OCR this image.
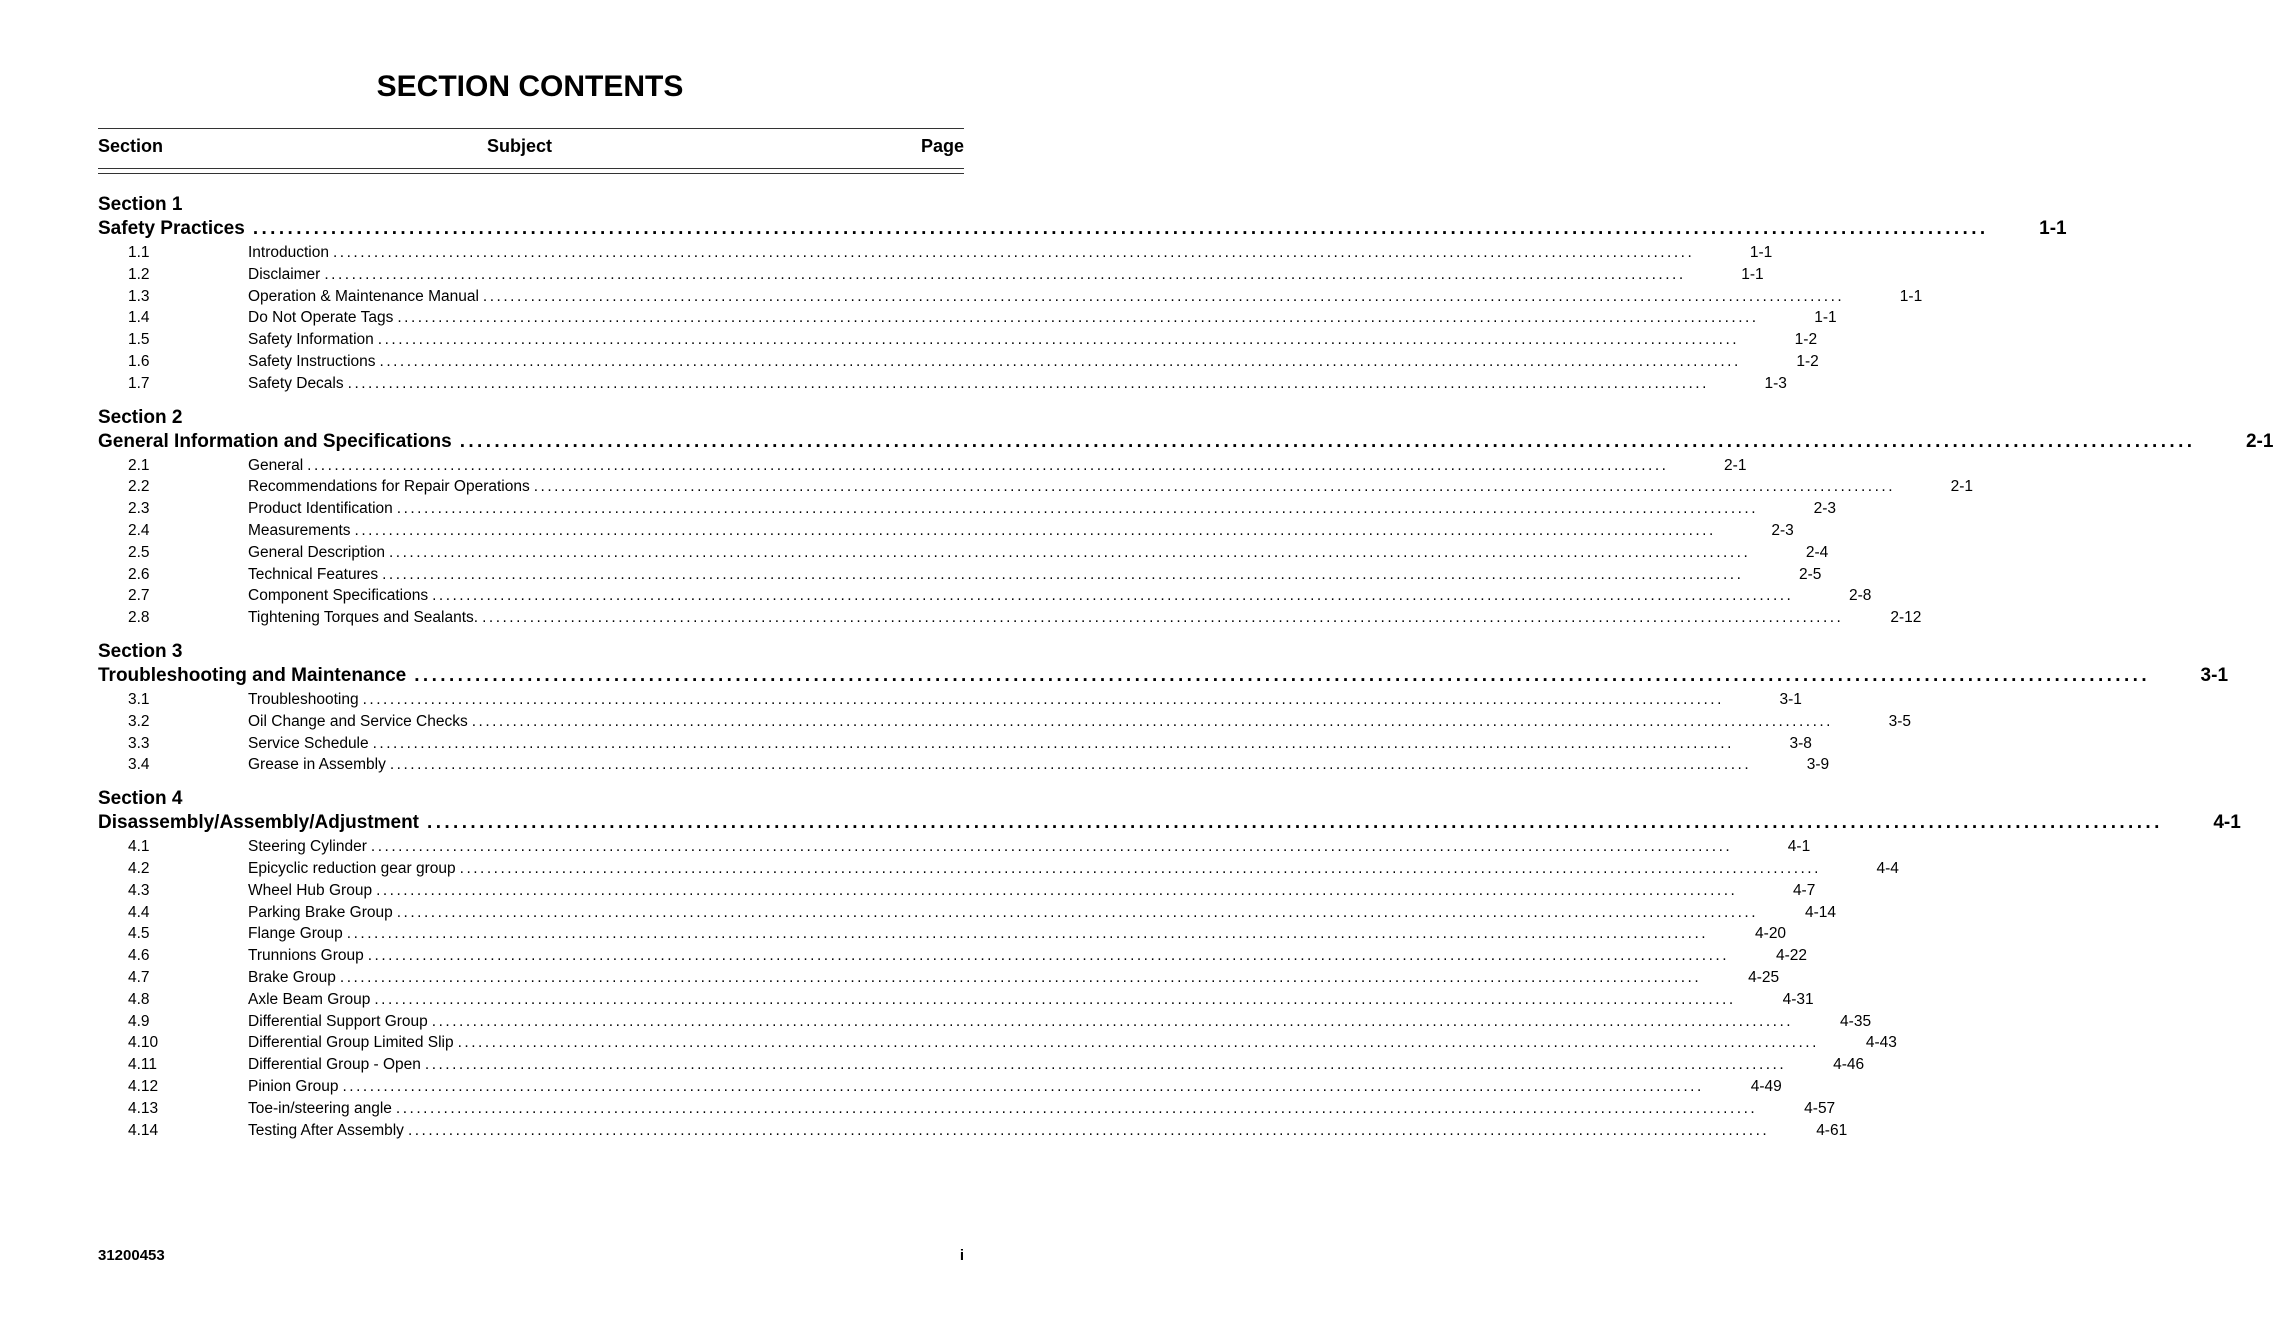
SECTION CONTENTS
Section	Subject	Page
Section 1
Safety Practices ........................................................................................................................................................................................................	1-1
1.1	Introduction ........................................................................................................................................................................................................	1-1
1.2	Disclaimer ........................................................................................................................................................................................................	1-1
1.3	Operation & Maintenance Manual ........................................................................................................................................................................................................	1-1
1.4	Do Not Operate Tags ........................................................................................................................................................................................................	1-1
1.5	Safety Information ........................................................................................................................................................................................................	1-2
1.6	Safety Instructions ........................................................................................................................................................................................................	1-2
1.7	Safety Decals ........................................................................................................................................................................................................	1-3
Section 2
General Information and Specifications ........................................................................................................................................................................................................	2-1
2.1	General ........................................................................................................................................................................................................	2-1
2.2	Recommendations for Repair Operations ........................................................................................................................................................................................................	2-1
2.3	Product Identification ........................................................................................................................................................................................................	2-3
2.4	Measurements ........................................................................................................................................................................................................	2-3
2.5	General Description ........................................................................................................................................................................................................	2-4
2.6	Technical Features ........................................................................................................................................................................................................	2-5
2.7	Component Specifications ........................................................................................................................................................................................................	2-8
2.8	Tightening Torques and Sealants. ........................................................................................................................................................................................................	2-12
Section 3
Troubleshooting and Maintenance ........................................................................................................................................................................................................	3-1
3.1	Troubleshooting ........................................................................................................................................................................................................	3-1
3.2	Oil Change and Service Checks ........................................................................................................................................................................................................	3-5
3.3	Service Schedule ........................................................................................................................................................................................................	3-8
3.4	Grease in Assembly ........................................................................................................................................................................................................	3-9
Section 4
Disassembly/Assembly/Adjustment ........................................................................................................................................................................................................	4-1
4.1	Steering Cylinder ........................................................................................................................................................................................................	4-1
4.2	Epicyclic reduction gear group ........................................................................................................................................................................................................	4-4
4.3	Wheel Hub Group ........................................................................................................................................................................................................	4-7
4.4	Parking Brake Group ........................................................................................................................................................................................................	4-14
4.5	Flange Group ........................................................................................................................................................................................................	4-20
4.6	Trunnions Group ........................................................................................................................................................................................................	4-22
4.7	Brake Group ........................................................................................................................................................................................................	4-25
4.8	Axle Beam Group ........................................................................................................................................................................................................	4-31
4.9	Differential Support Group ........................................................................................................................................................................................................	4-35
4.10	Differential Group Limited Slip ........................................................................................................................................................................................................	4-43
4.11	Differential Group - Open ........................................................................................................................................................................................................	4-46
4.12	Pinion Group ........................................................................................................................................................................................................	4-49
4.13	Toe-in/steering angle ........................................................................................................................................................................................................	4-57
4.14	Testing After Assembly ........................................................................................................................................................................................................	4-61
31200453	i
